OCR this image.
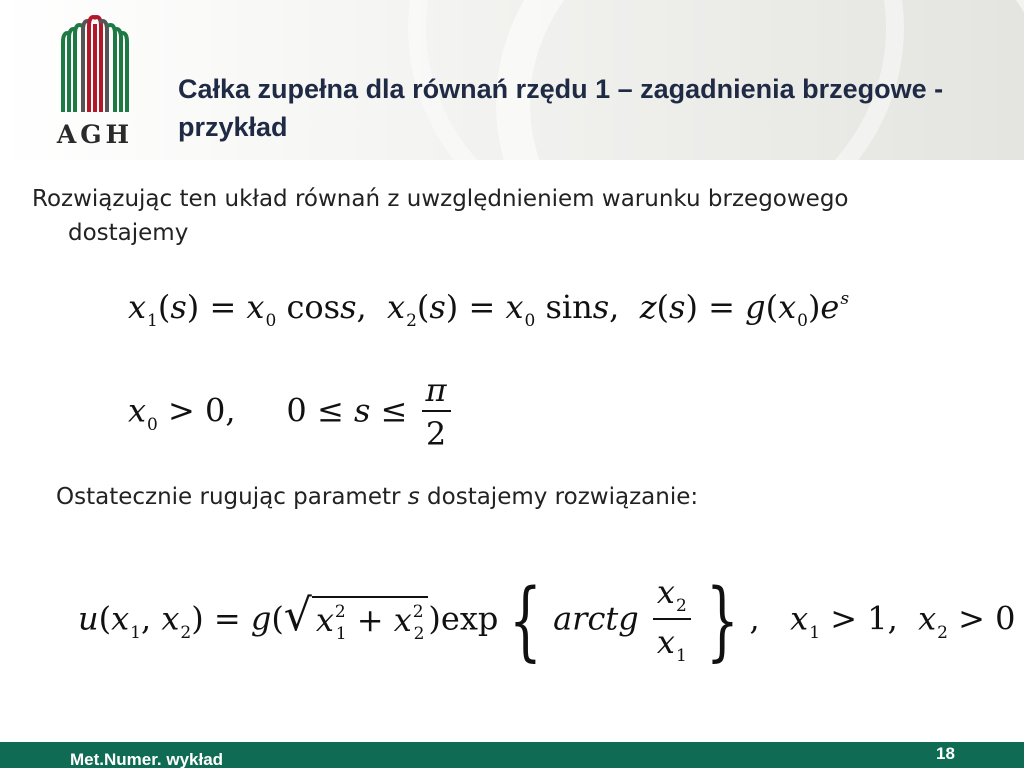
AGH
Całka zupełna dla równań rzędu 1 – zagadnienia brzegowe - przykład

Rozwiązując ten układ równań z uwzględnieniem warunku brzegowego dostajemy

$x_1(s) = x_0$ coss,  $x_2(s) = x_0$ sins,  $z(s) = g(x_0)e^s$
$x_0 > 0$,     $0 \le s \le \frac{\pi}{2}$

Ostatecznie rugując parametr s dostajemy rozwiązanie:

$u(x_1$, $x_2) = g(√$ $x^2_1 + x^2_2$ )exp { arctg $\frac{x_2}{x_1}$ } ,   $x_1 > 1$,  $x_2 > 0$
Met.Numer. wykład	18
